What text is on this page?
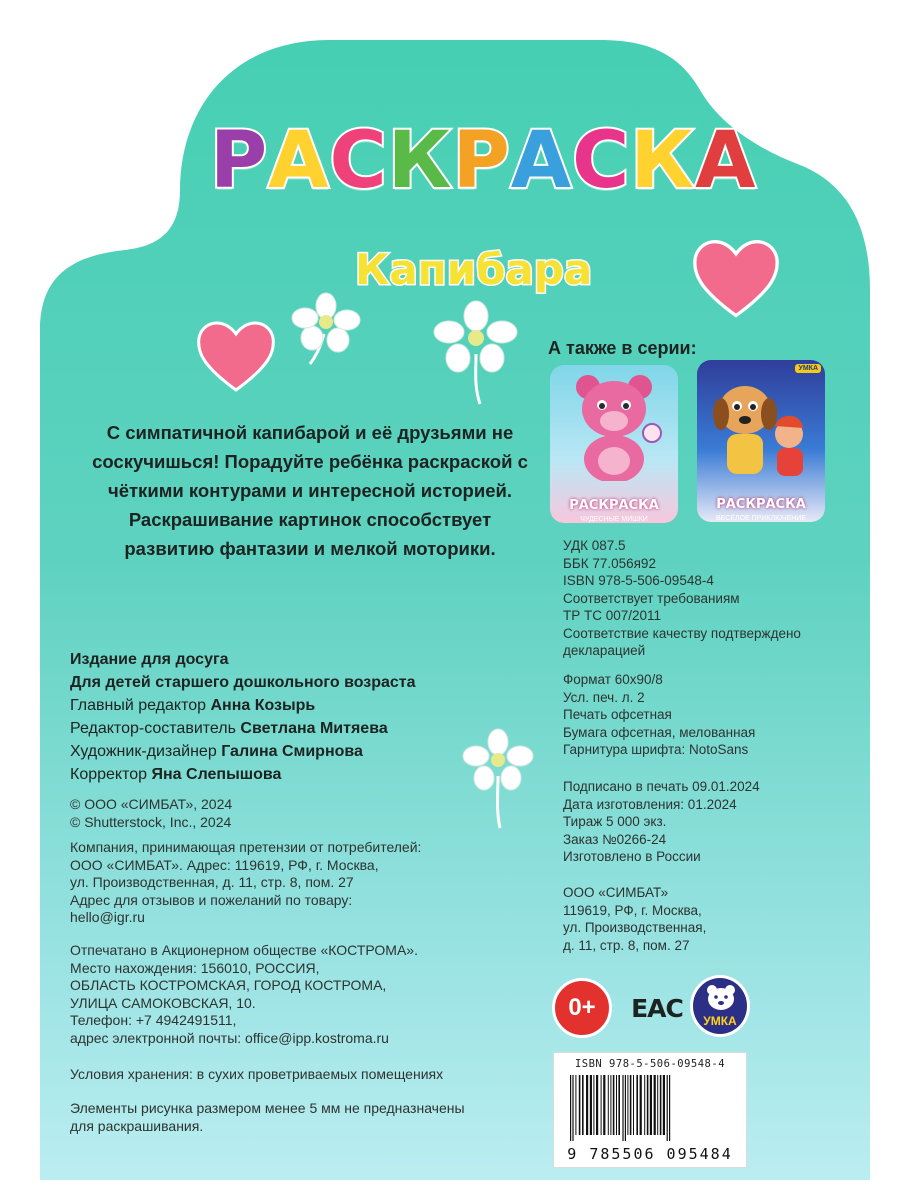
РАСКРАСКА
Капибара
С симпатичной капибарой и её друзьями не соскучишься! Порадуйте ребёнка раскраской с чёткими контурами и интересной историей. Раскрашивание картинок способствует развитию фантазии и мелкой моторики.
А также в серии:
РАСКРАСКА
ЧУДЕСНЫЕ МИШКИ
УМКА
РАСКРАСКА
ВЕСЁЛОЕ ПРИКЛЮЧЕНИЕ
УДК 087.5
ББК 77.056я92
ISBN 978-5-506-09548-4
Соответствует требованиям
ТР ТС 007/2011
Соответствие качеству подтверждено
декларацией
Формат 60х90/8
Усл. печ. л. 2
Печать офсетная
Бумага офсетная, мелованная
Гарнитура шрифта: NotoSans
Подписано в печать 09.01.2024
Дата изготовления: 01.2024
Тираж 5 000 экз.
Заказ №0266-24
Изготовлено в России
ООО «СИМБАТ»
119619, РФ, г. Москва,
ул. Производственная,
д. 11, стр. 8, пом. 27
Издание для досуга
Для детей старшего дошкольного возраста
Главный редактор Анна Козырь
Редактор-составитель Светлана Митяева
Художник-дизайнер Галина Смирнова
Корректор Яна Слепышова
© ООО «СИМБАТ», 2024
© Shutterstock, Inc., 2024
Компания, принимающая претензии от потребителей:
ООО «СИМБАТ». Адрес: 119619, РФ, г. Москва,
ул. Производственная, д. 11, стр. 8, пом. 27
Адрес для отзывов и пожеланий по товару:
hello@igr.ru
Отпечатано в Акционерном обществе «КОСТРОМА».
Место нахождения: 156010, РОССИЯ,
ОБЛАСТЬ КОСТРОМСКАЯ, ГОРОД КОСТРОМА,
УЛИЦА САМОКОВСКАЯ, 10.
Телефон: +7 4942491511,
адрес электронной почты: office@ipp.kostroma.ru
Условия хранения: в сухих проветриваемых помещениях
Элементы рисунка размером менее 5 мм не предназначены
для раскрашивания.
0+ EAC	УМКА
ISBN 978-5-506-09548-4
9 785506 095484
